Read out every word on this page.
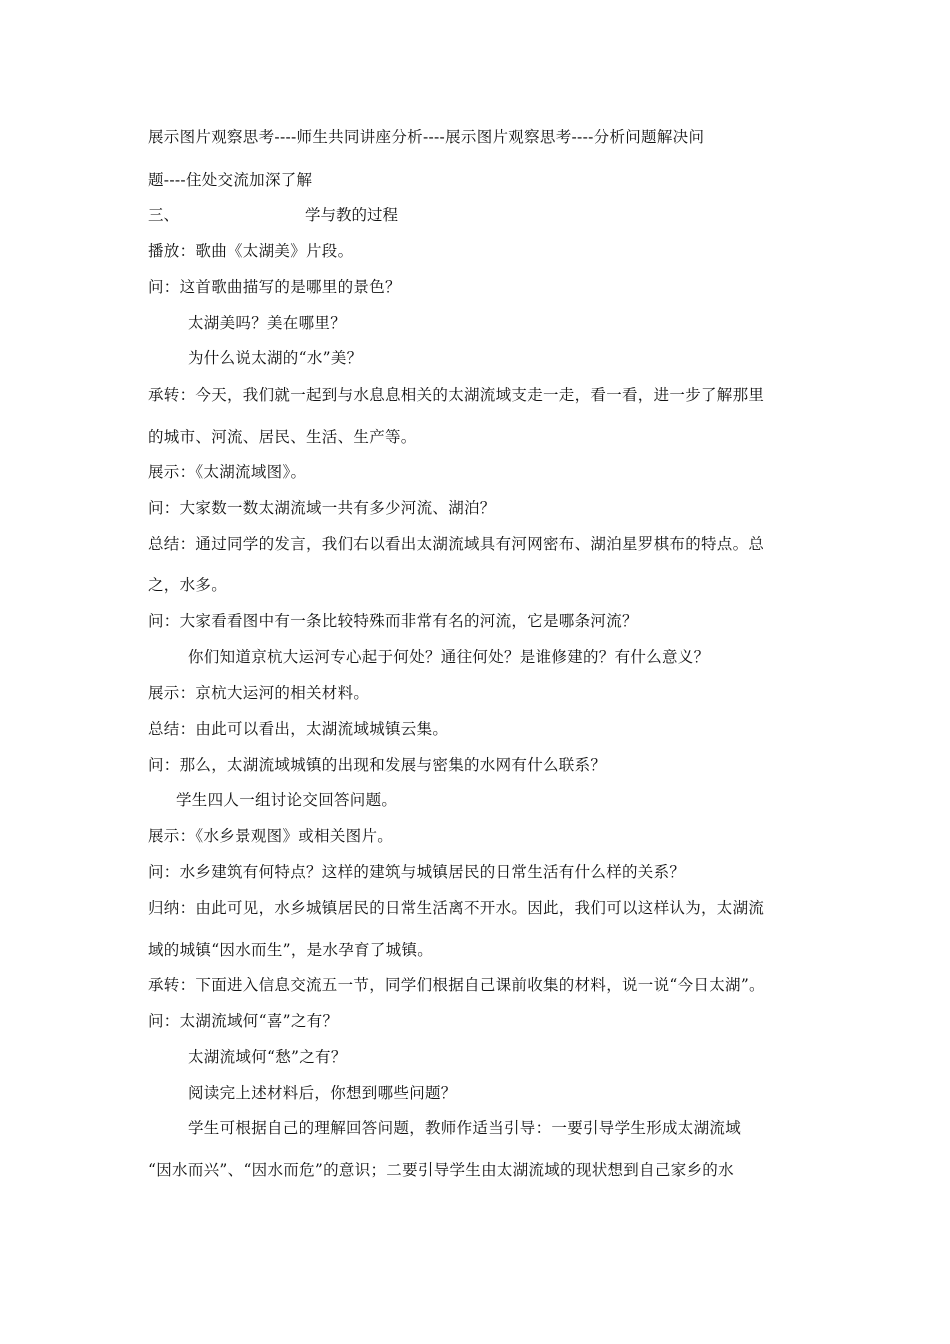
展示图片观察思考----师生共同讲座分析----展示图片观察思考----分析问题解决问
题----住处交流加深了解
三、	学与教的过程
播放：歌曲《太湖美》片段。
问：这首歌曲描写的是哪里的景色？
太湖美吗？美在哪里？
为什么说太湖的“水”美？
承转：今天，我们就一起到与水息息相关的太湖流域支走一走，看一看，进一步了解那里
的城市、河流、居民、生活、生产等。
展示：《太湖流域图》。
问：大家数一数太湖流域一共有多少河流、湖泊？
总结：通过同学的发言，我们右以看出太湖流域具有河网密布、湖泊星罗棋布的特点。总
之，水多。
问：大家看看图中有一条比较特殊而非常有名的河流，它是哪条河流？
你们知道京杭大运河专心起于何处？通往何处？是谁修建的？有什么意义？
展示：京杭大运河的相关材料。
总结：由此可以看出，太湖流域城镇云集。
问：那么，太湖流域城镇的出现和发展与密集的水网有什么联系？
学生四人一组讨论交回答问题。
展示：《水乡景观图》或相关图片。
问：水乡建筑有何特点？这样的建筑与城镇居民的日常生活有什么样的关系？
归纳：由此可见，水乡城镇居民的日常生活离不开水。因此，我们可以这样认为，太湖流
域的城镇“因水而生”，是水孕育了城镇。
承转：下面进入信息交流五一节，同学们根据自己课前收集的材料，说一说“今日太湖”。
问：太湖流域何“喜”之有？
太湖流域何“愁”之有？
阅读完上述材料后，你想到哪些问题？
学生可根据自己的理解回答问题，教师作适当引导：一要引导学生形成太湖流域
“因水而兴”、“因水而危”的意识；二要引导学生由太湖流域的现状想到自己家乡的水
